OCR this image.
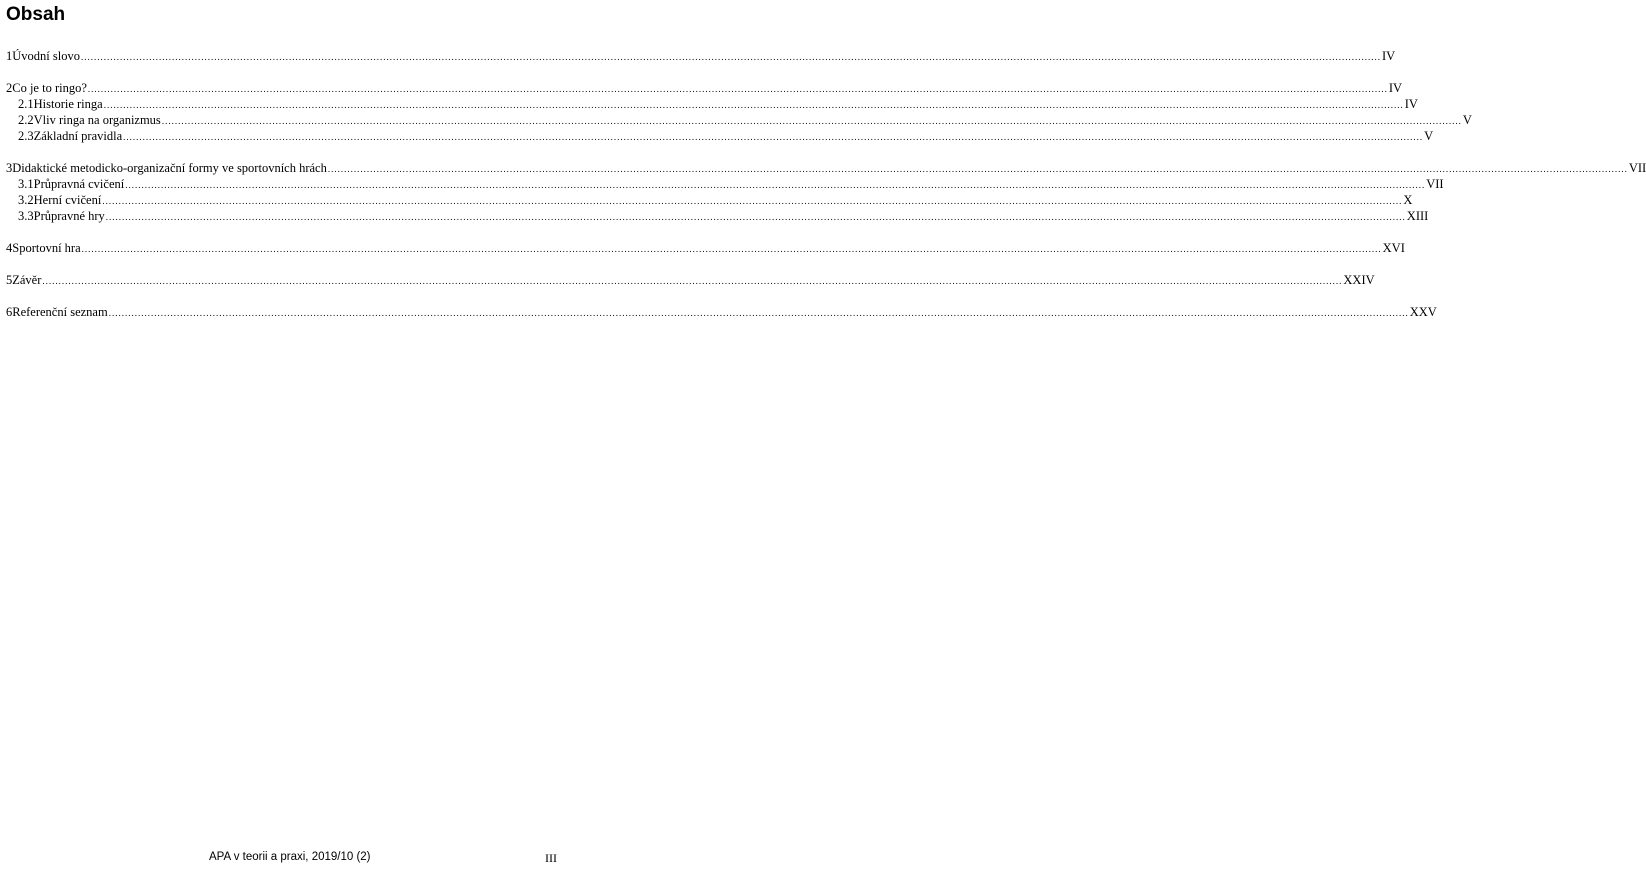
Obsah
1 Úvodní slovo ................................................................................................................................................................................................................................................................................................................................................................................................................ IV
2 Co je to ringo? ................................................................................................................................................................................................................................................................................................................................................................................................................ IV
2.1 Historie ringa ................................................................................................................................................................................................................................................................................................................................................................................................................ IV
2.2 Vliv ringa na organizmus ................................................................................................................................................................................................................................................................................................................................................................................................................ V
2.3 Základní pravidla ................................................................................................................................................................................................................................................................................................................................................................................................................ V
3 Didaktické metodicko-organizační formy ve sportovních hrách ................................................................................................................................................................................................................................................................................................................................................................................................................ VII
3.1 Průpravná cvičení ................................................................................................................................................................................................................................................................................................................................................................................................................ VII
3.2 Herní cvičení ................................................................................................................................................................................................................................................................................................................................................................................................................ X
3.3 Průpravné hry ................................................................................................................................................................................................................................................................................................................................................................................................................ XIII
4 Sportovní hra ................................................................................................................................................................................................................................................................................................................................................................................................................ XVI
5 Závěr ................................................................................................................................................................................................................................................................................................................................................................................................................ XXIV
6 Referenční seznam ................................................................................................................................................................................................................................................................................................................................................................................................................ XXV
APA v teorii a praxi, 2019/10 (2)	III
